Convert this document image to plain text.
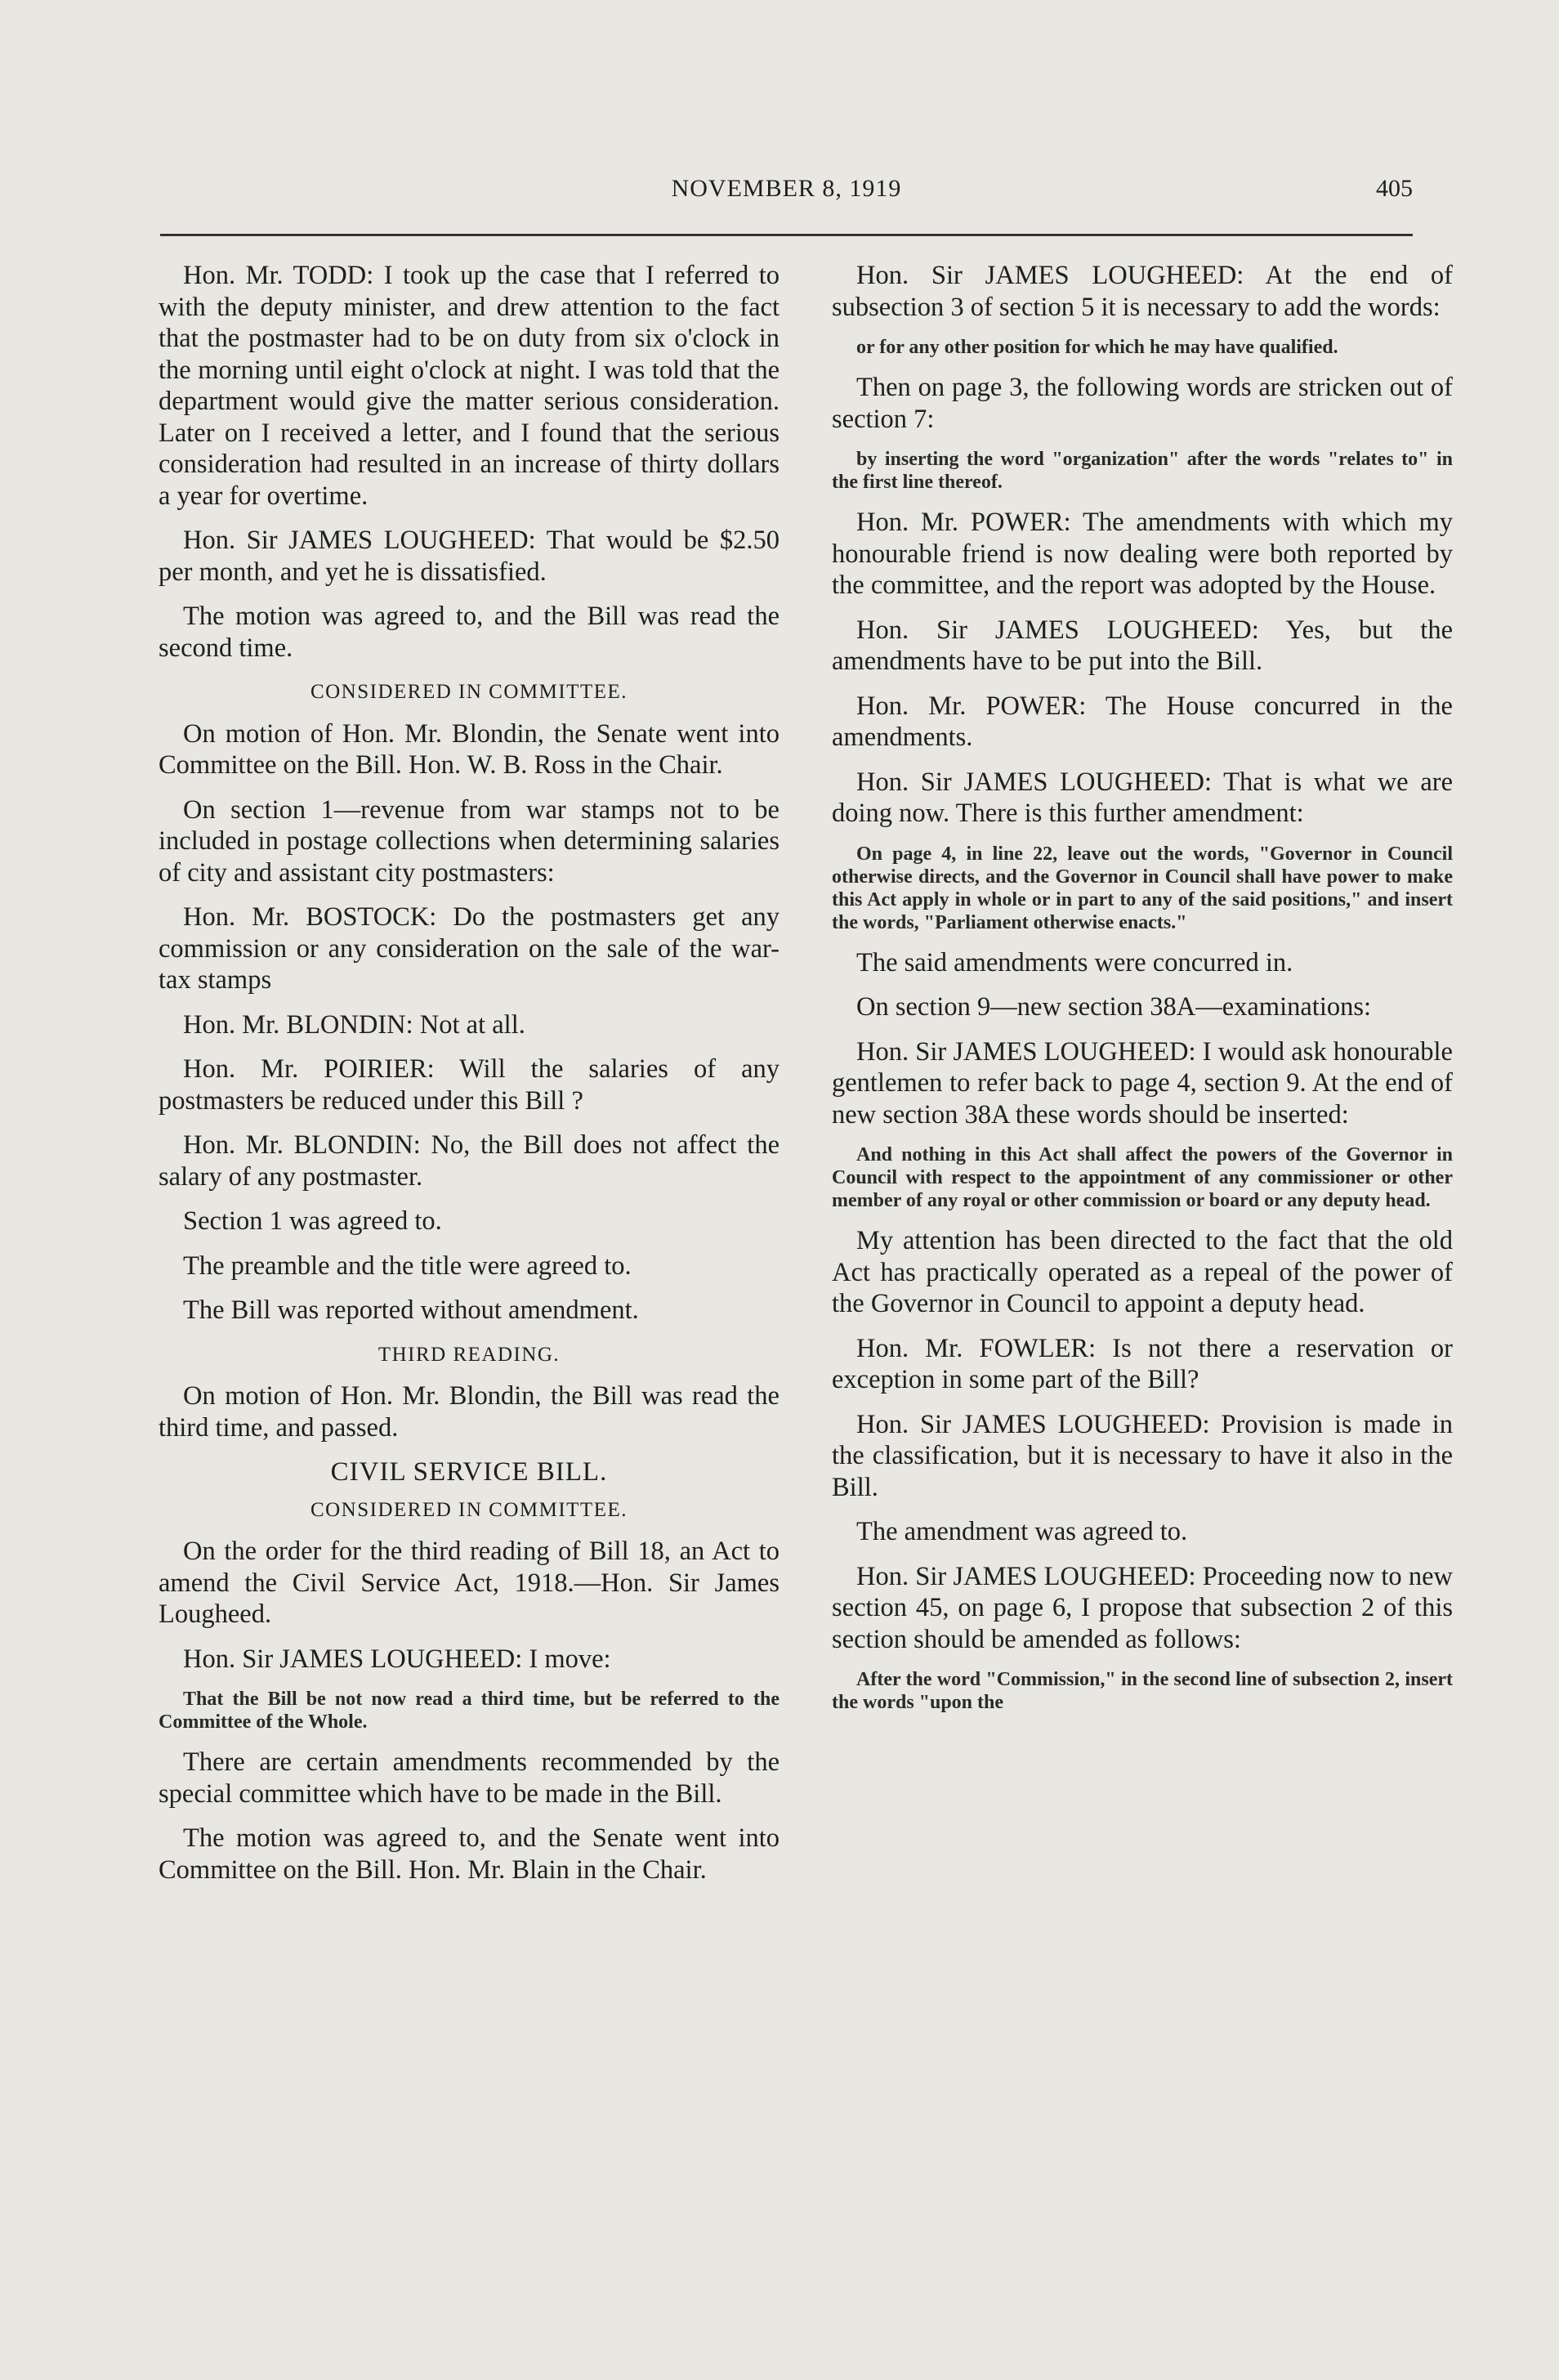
NOVEMBER 8, 1919	405

Hon. Mr. TODD: I took up the case that I referred to with the deputy minister, and drew attention to the fact that the postmaster had to be on duty from six o'clock in the morning until eight o'clock at night. I was told that the department would give the matter serious consideration. Later on I received a letter, and I found that the serious consideration had resulted in an increase of thirty dollars a year for overtime.

Hon. Sir JAMES LOUGHEED: That would be $2.50 per month, and yet he is dissatisfied.

The motion was agreed to, and the Bill was read the second time.

CONSIDERED IN COMMITTEE.

On motion of Hon. Mr. Blondin, the Senate went into Committee on the Bill. Hon. W. B. Ross in the Chair.

On section 1—revenue from war stamps not to be included in postage collections when determining salaries of city and assistant city postmasters:

Hon. Mr. BOSTOCK: Do the postmasters get any commission or any consideration on the sale of the war-tax stamps

Hon. Mr. BLONDIN: Not at all.

Hon. Mr. POIRIER: Will the salaries of any postmasters be reduced under this Bill ?

Hon. Mr. BLONDIN: No, the Bill does not affect the salary of any postmaster.

Section 1 was agreed to.

The preamble and the title were agreed to.

The Bill was reported without amendment.

THIRD READING.

On motion of Hon. Mr. Blondin, the Bill was read the third time, and passed.

CIVIL SERVICE BILL.

CONSIDERED IN COMMITTEE.

On the order for the third reading of Bill 18, an Act to amend the Civil Service Act, 1918.—Hon. Sir James Lougheed.

Hon. Sir JAMES LOUGHEED: I move:

That the Bill be not now read a third time, but be referred to the Committee of the Whole.

There are certain amendments recommended by the special committee which have to be made in the Bill.

The motion was agreed to, and the Senate went into Committee on the Bill. Hon. Mr. Blain in the Chair.

Hon. Sir JAMES LOUGHEED: At the end of subsection 3 of section 5 it is necessary to add the words:

or for any other position for which he may have qualified.

Then on page 3, the following words are stricken out of section 7:

by inserting the word "organization" after the words "relates to" in the first line thereof.

Hon. Mr. POWER: The amendments with which my honourable friend is now dealing were both reported by the committee, and the report was adopted by the House.

Hon. Sir JAMES LOUGHEED: Yes, but the amendments have to be put into the Bill.

Hon. Mr. POWER: The House concurred in the amendments.

Hon. Sir JAMES LOUGHEED: That is what we are doing now. There is this further amendment:

On page 4, in line 22, leave out the words, "Governor in Council otherwise directs, and the Governor in Council shall have power to make this Act apply in whole or in part to any of the said positions," and insert the words, "Parliament otherwise enacts."

The said amendments were concurred in.

On section 9—new section 38A—examinations:

Hon. Sir JAMES LOUGHEED: I would ask honourable gentlemen to refer back to page 4, section 9. At the end of new section 38A these words should be inserted:

And nothing in this Act shall affect the powers of the Governor in Council with respect to the appointment of any commissioner or other member of any royal or other commission or board or any deputy head.

My attention has been directed to the fact that the old Act has practically operated as a repeal of the power of the Governor in Council to appoint a deputy head.

Hon. Mr. FOWLER: Is not there a reservation or exception in some part of the Bill?

Hon. Sir JAMES LOUGHEED: Provision is made in the classification, but it is necessary to have it also in the Bill.

The amendment was agreed to.

Hon. Sir JAMES LOUGHEED: Proceeding now to new section 45, on page 6, I propose that subsection 2 of this section should be amended as follows:

After the word "Commission," in the second line of subsection 2, insert the words "upon the
